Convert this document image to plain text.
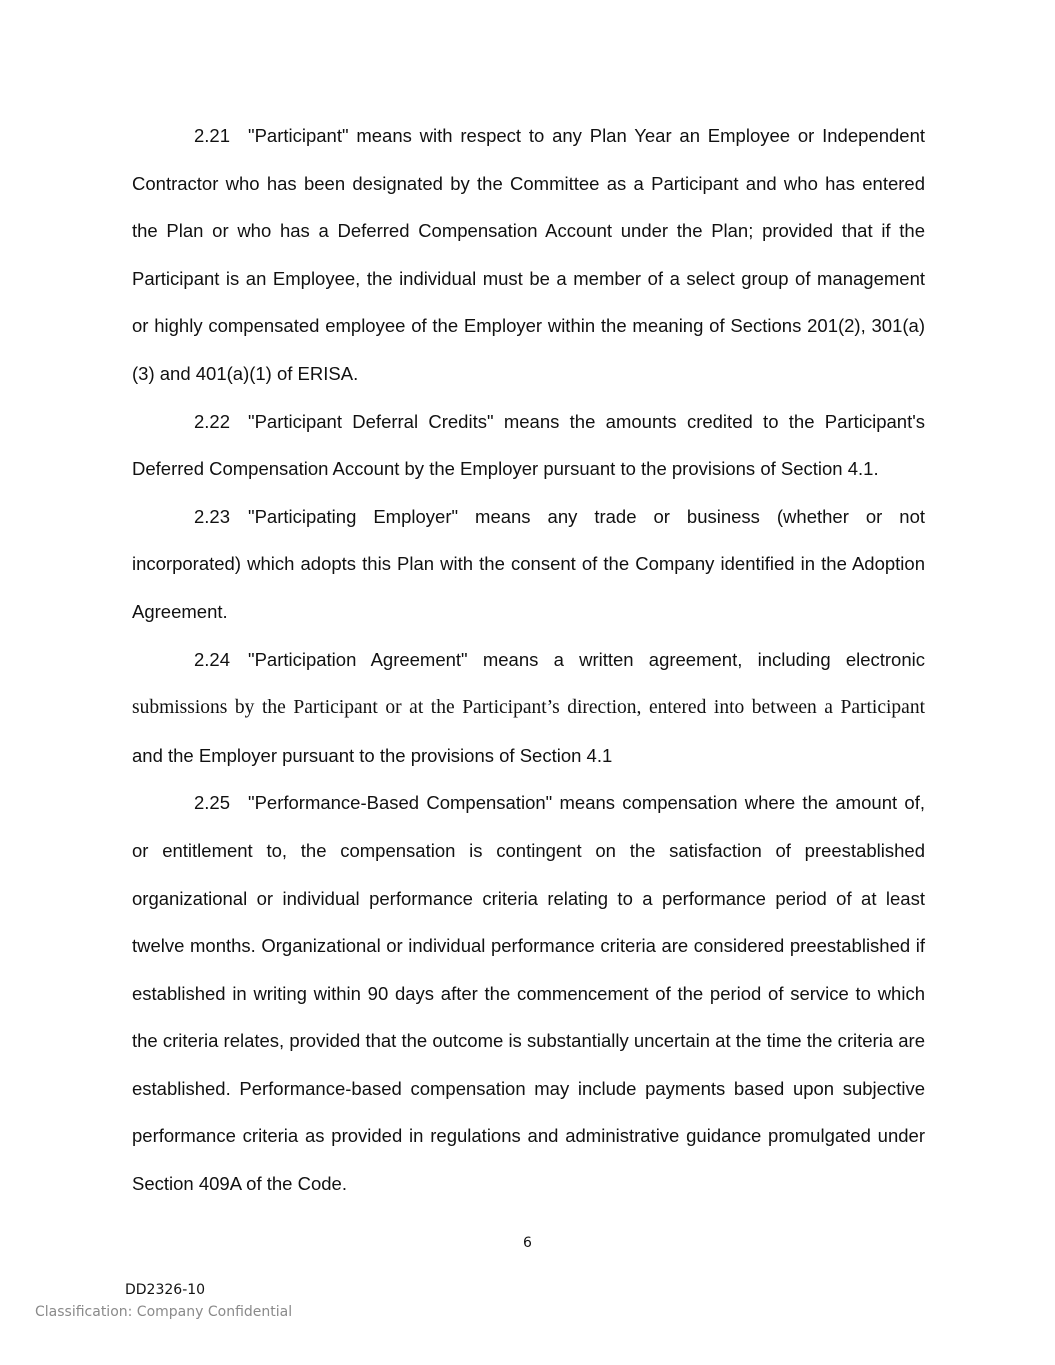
2.21 "Participant" means with respect to any Plan Year an Employee or Independent Contractor who has been designated by the Committee as a Participant and who has entered the Plan or who has a Deferred Compensation Account under the Plan; provided that if the Participant is an Employee, the individual must be a member of a select group of management or highly compensated employee of the Employer within the meaning of Sections 201(2), 301(a)(3) and 401(a)(1) of ERISA.

2.22 "Participant Deferral Credits" means the amounts credited to the Participant's Deferred Compensation Account by the Employer pursuant to the provisions of Section 4.1.

2.23 "Participating Employer" means any trade or business (whether or not incorporated) which adopts this Plan with the consent of the Company identified in the Adoption Agreement.

2.24 "Participation Agreement" means a written agreement, including electronic submissions by the Participant or at the Participant’s direction, entered into between a Participant and the Employer pursuant to the provisions of Section 4.1

2.25 "Performance-Based Compensation" means compensation where the amount of, or entitlement to, the compensation is contingent on the satisfaction of preestablished organizational or individual performance criteria relating to a performance period of at least twelve months. Organizational or individual performance criteria are considered preestablished if established in writing within 90 days after the commencement of the period of service to which the criteria relates, provided that the outcome is substantially uncertain at the time the criteria are established. Performance-based compensation may include payments based upon subjective performance criteria as provided in regulations and administrative guidance promulgated under Section 409A of the Code.

6
DD2326-10
Classification: Company Confidential
